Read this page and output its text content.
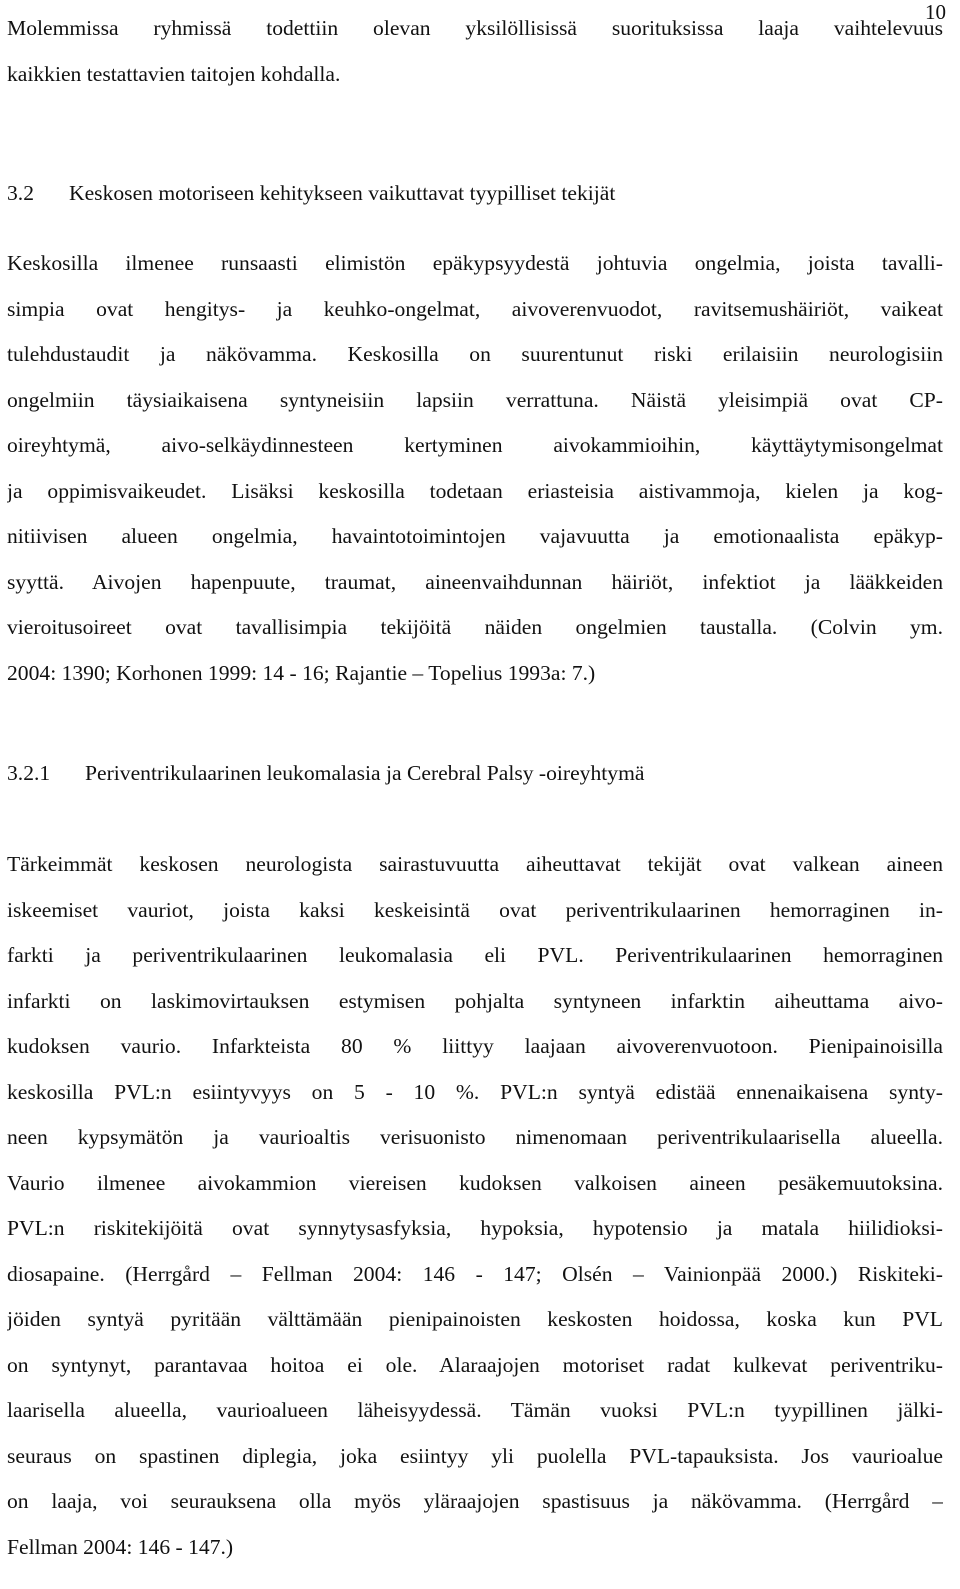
10
Molemmissa ryhmissä todettiin olevan yksilöllisissä suorituksissa laaja vaihtelevuus
kaikkien testattavien taitojen kohdalla.
3.2 Keskosen motoriseen kehitykseen vaikuttavat tyypilliset tekijät
Keskosilla ilmenee runsaasti elimistön epäkypsyydestä johtuvia ongelmia, joista tavalli-
simpia ovat hengitys- ja keuhko-ongelmat, aivoverenvuodot, ravitsemushäiriöt, vaikeat
tulehdustaudit ja näkövamma. Keskosilla on suurentunut riski erilaisiin neurologisiin
ongelmiin täysiaikaisena syntyneisiin lapsiin verrattuna. Näistä yleisimpiä ovat CP-
oireyhtymä, aivo-selkäydinnesteen kertyminen aivokammioihin, käyttäytymisongelmat
ja oppimisvaikeudet. Lisäksi keskosilla todetaan eriasteisia aistivammoja, kielen ja kog-
nitiivisen alueen ongelmia, havaintotoimintojen vajavuutta ja emotionaalista epäkyp-
syyttä. Aivojen hapenpuute, traumat, aineenvaihdunnan häiriöt, infektiot ja lääkkeiden
vieroitusoireet ovat tavallisimpia tekijöitä näiden ongelmien taustalla. (Colvin ym.
2004: 1390; Korhonen 1999: 14 - 16; Rajantie – Topelius 1993a: 7.)
3.2.1 Periventrikulaarinen leukomalasia ja Cerebral Palsy -oireyhtymä
Tärkeimmät keskosen neurologista sairastuvuutta aiheuttavat tekijät ovat valkean aineen
iskeemiset vauriot, joista kaksi keskeisintä ovat periventrikulaarinen hemorraginen in-
farkti ja periventrikulaarinen leukomalasia eli PVL. Periventrikulaarinen hemorraginen
infarkti on laskimovirtauksen estymisen pohjalta syntyneen infarktin aiheuttama aivo-
kudoksen vaurio. Infarkteista 80 % liittyy laajaan aivoverenvuotoon. Pienipainoisilla
keskosilla PVL:n esiintyvyys on 5 - 10 %. PVL:n syntyä edistää ennenaikaisena synty-
neen kypsymätön ja vaurioaltis verisuonisto nimenomaan periventrikulaarisella alueella.
Vaurio ilmenee aivokammion viereisen kudoksen valkoisen aineen pesäkemuutoksina.
PVL:n riskitekijöitä ovat synnytysasfyksia, hypoksia, hypotensio ja matala hiilidioksi-
diosapaine. (Herrgård – Fellman 2004: 146 - 147; Olsén – Vainionpää 2000.) Riskiteki-
jöiden syntyä pyritään välttämään pienipainoisten keskosten hoidossa, koska kun PVL
on syntynyt, parantavaa hoitoa ei ole. Alaraajojen motoriset radat kulkevat periventriku-
laarisella alueella, vaurioalueen läheisyydessä. Tämän vuoksi PVL:n tyypillinen jälki-
seuraus on spastinen diplegia, joka esiintyy yli puolella PVL-tapauksista. Jos vaurioalue
on laaja, voi seurauksena olla myös yläraajojen spastisuus ja näkövamma. (Herrgård –
Fellman 2004: 146 - 147.)
